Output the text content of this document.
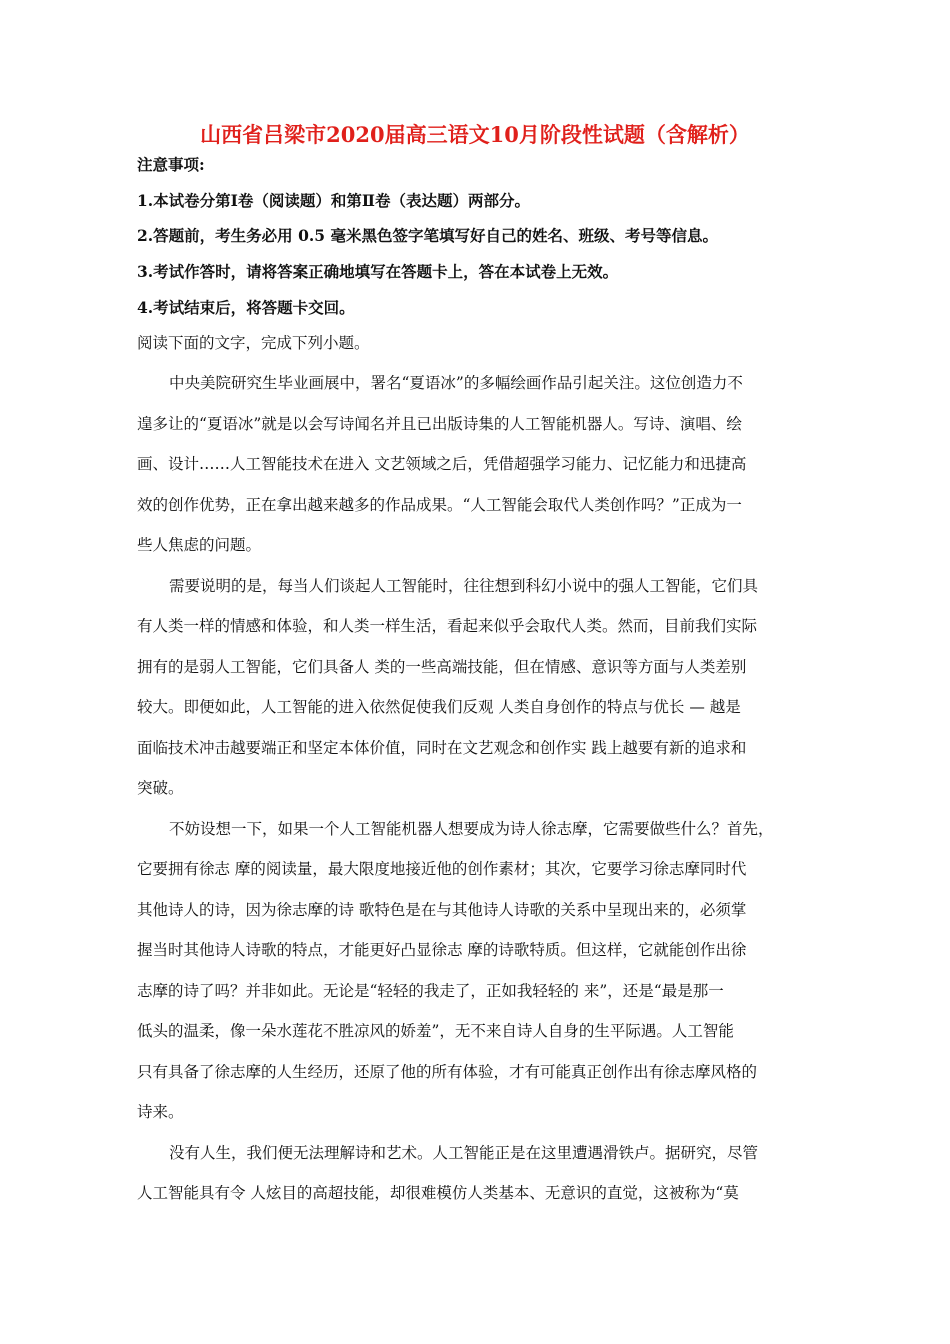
山西省吕梁市2020届高三语文10月阶段性试题（含解析）
注意事项:
1.本试卷分第Ⅰ卷（阅读题）和第Ⅱ卷（表达题）两部分。
2.答题前，考生务必用 0.5 毫米黑色签字笔填写好自己的姓名、班级、考号等信息。
3.考试作答时，请将答案正确地填写在答题卡上，答在本试卷上无效。
4.考试结束后，将答题卡交回。
阅读下面的文字，完成下列小题。
中央美院研究生毕业画展中，署名“夏语冰”的多幅绘画作品引起关注。这位创造力不
遑多让的“夏语冰”就是以会写诗闻名并且已出版诗集的人工智能机器人。写诗、演唱、绘
画、设计……人工智能技术在进入 文艺领域之后，凭借超强学习能力、记忆能力和迅捷高
效的创作优势，正在拿出越来越多的作品成果。“人工智能会取代人类创作吗？”正成为一
些人焦虑的问题。
需要说明的是，每当人们谈起人工智能时，往往想到科幻小说中的强人工智能，它们具
有人类一样的情感和体验，和人类一样生活，看起来似乎会取代人类。然而，目前我们实际
拥有的是弱人工智能，它们具备人 类的一些高端技能，但在情感、意识等方面与人类差别
较大。即便如此，人工智能的进入依然促使我们反观 人类自身创作的特点与优长 — 越是
面临技术冲击越要端正和坚定本体价值，同时在文艺观念和创作实 践上越要有新的追求和
突破。
不妨设想一下，如果一个人工智能机器人想要成为诗人徐志摩，它需要做些什么？首先，
它要拥有徐志 摩的阅读量，最大限度地接近他的创作素材；其次，它要学习徐志摩同时代
其他诗人的诗，因为徐志摩的诗 歌特色是在与其他诗人诗歌的关系中呈现出来的，必须掌
握当时其他诗人诗歌的特点，才能更好凸显徐志 摩的诗歌特质。但这样，它就能创作出徐
志摩的诗了吗？并非如此。无论是“轻轻的我走了，正如我轻轻的 来”，还是“最是那一
低头的温柔，像一朵水莲花不胜凉风的娇羞”，无不来自诗人自身的生平际遇。人工智能
只有具备了徐志摩的人生经历，还原了他的所有体验，才有可能真正创作出有徐志摩风格的
诗来。
没有人生，我们便无法理解诗和艺术。人工智能正是在这里遭遇滑铁卢。据研究，尽管
人工智能具有令 人炫目的高超技能，却很难模仿人类基本、无意识的直觉，这被称为“莫
